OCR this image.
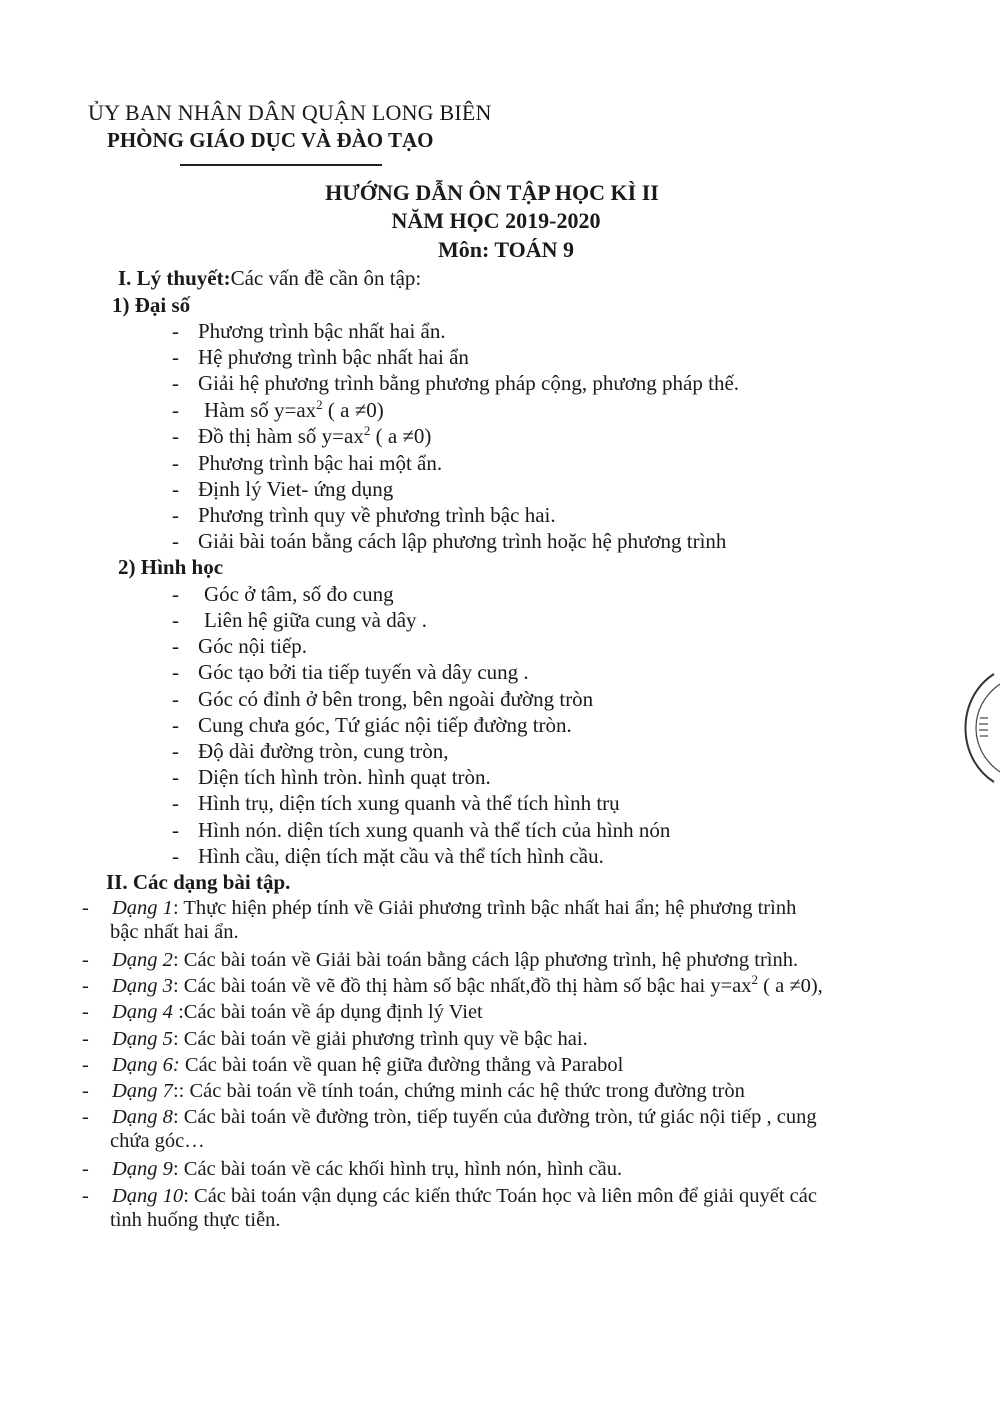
ỦY BAN NHÂN DÂN QUẬN LONG BIÊN
PHÒNG GIÁO DỤC VÀ ĐÀO TẠO
HƯỚNG DẪN ÔN TẬP HỌC KÌ II
NĂM HỌC 2019-2020
Môn: TOÁN 9
I. Lý thuyết:Các vấn đề cần ôn tập:
1) Đại số
- Phương trình bậc nhất hai ẩn.
- Hệ phương trình bậc nhất hai ẩn
- Giải hệ phương trình bằng phương pháp cộng, phương pháp thế.
- Hàm số $y=ax^2$ ( a ≠0)
- Đồ thị hàm số $y=ax^2$ ( a ≠0)
- Phương trình bậc hai một ẩn.
- Định lý Viet- ứng dụng
- Phương trình quy về phương trình bậc hai.
- Giải bài toán bằng cách lập phương trình hoặc hệ phương trình
2) Hình học
- Góc ở tâm, số đo cung
- Liên hệ giữa cung và dây .
- Góc nội tiếp.
- Góc tạo bởi tia tiếp tuyến và dây cung .
- Góc có đỉnh ở bên trong, bên ngoài đường tròn
- Cung chưa góc, Tứ giác nội tiếp đường tròn.
- Độ dài đường tròn, cung tròn,
- Diện tích hình tròn. hình quạt tròn.
- Hình trụ, diện tích xung quanh và thể tích hình trụ
- Hình nón. diện tích xung quanh và thể tích của hình nón
- Hình cầu, diện tích mặt cầu và thể tích hình cầu.
II. Các dạng bài tập.
- Dạng 1: Thực hiện phép tính về Giải phương trình bậc nhất hai ẩn; hệ phương trình
bậc nhất hai ẩn.
- Dạng 2: Các bài toán về Giải bài toán bằng cách lập phương trình, hệ phương trình.
- Dạng 3: Các bài toán về vẽ đồ thị hàm số bậc nhất,đồ thị hàm số bậc hai $y=ax^2$ ( a ≠0),
- Dạng 4 :Các bài toán về áp dụng định lý Viet
- Dạng 5: Các bài toán về giải phương trình quy về bậc hai.
- Dạng 6: Các bài toán về quan hệ giữa đường thẳng và Parabol
- Dạng 7:: Các bài toán về tính toán, chứng minh các hệ thức trong đường tròn
- Dạng 8: Các bài toán về đường tròn, tiếp tuyến của đường tròn, tứ giác nội tiếp , cung
chứa góc…
- Dạng 9: Các bài toán về các khối hình trụ, hình nón, hình cầu.
- Dạng 10: Các bài toán vận dụng các kiến thức Toán học và liên môn để giải quyết các
tình huống thực tiễn.
